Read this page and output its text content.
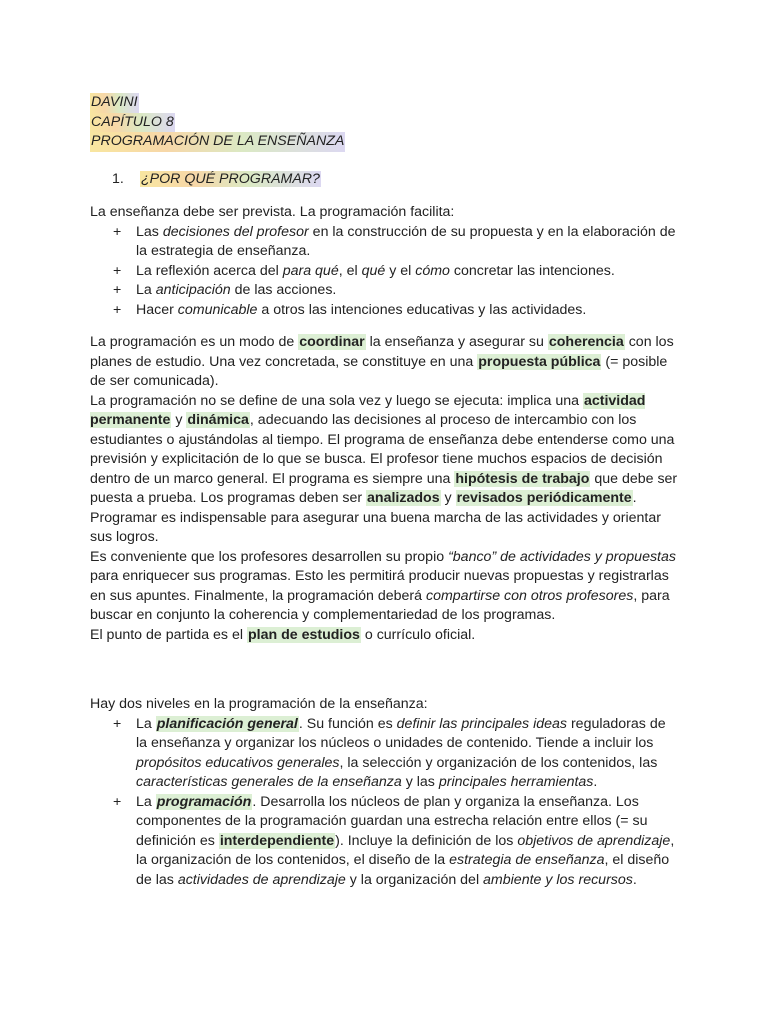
DAVINI
CAPÍTULO 8
PROGRAMACIÓN DE LA ENSEÑANZA
1. ¿POR QUÉ PROGRAMAR?

La enseñanza debe ser prevista. La programación facilita:

+ Las decisiones del profesor en la construcción de su propuesta y en la elaboración de la estrategia de enseñanza.
+ La reflexión acerca del para qué, el qué y el cómo concretar las intenciones.
+ La anticipación de las acciones.
+ Hacer comunicable a otros las intenciones educativas y las actividades.

La programación es un modo de coordinar la enseñanza y asegurar su coherencia con los planes de estudio. Una vez concretada, se constituye en una propuesta pública (= posible de ser comunicada).

La programación no se define de una sola vez y luego se ejecuta: implica una actividad permanente y dinámica, adecuando las decisiones al proceso de intercambio con los estudiantes o ajustándolas al tiempo. El programa de enseñanza debe entenderse como una previsión y explicitación de lo que se busca. El profesor tiene muchos espacios de decisión dentro de un marco general. El programa es siempre una hipótesis de trabajo que debe ser puesta a prueba. Los programas deben ser analizados y revisados periódicamente. Programar es indispensable para asegurar una buena marcha de las actividades y orientar sus logros.

Es conveniente que los profesores desarrollen su propio “banco” de actividades y propuestas para enriquecer sus programas. Esto les permitirá producir nuevas propuestas y registrarlas en sus apuntes. Finalmente, la programación deberá compartirse con otros profesores, para buscar en conjunto la coherencia y complementariedad de los programas.

El punto de partida es el plan de estudios o currículo oficial.

Hay dos niveles en la programación de la enseñanza:

+ La planificación general. Su función es definir las principales ideas reguladoras de la enseñanza y organizar los núcleos o unidades de contenido. Tiende a incluir los propósitos educativos generales, la selección y organización de los contenidos, las características generales de la enseñanza y las principales herramientas.
+ La programación. Desarrolla los núcleos de plan y organiza la enseñanza. Los componentes de la programación guardan una estrecha relación entre ellos (= su definición es interdependiente). Incluye la definición de los objetivos de aprendizaje, la organización de los contenidos, el diseño de la estrategia de enseñanza, el diseño de las actividades de aprendizaje y la organización del ambiente y los recursos.
